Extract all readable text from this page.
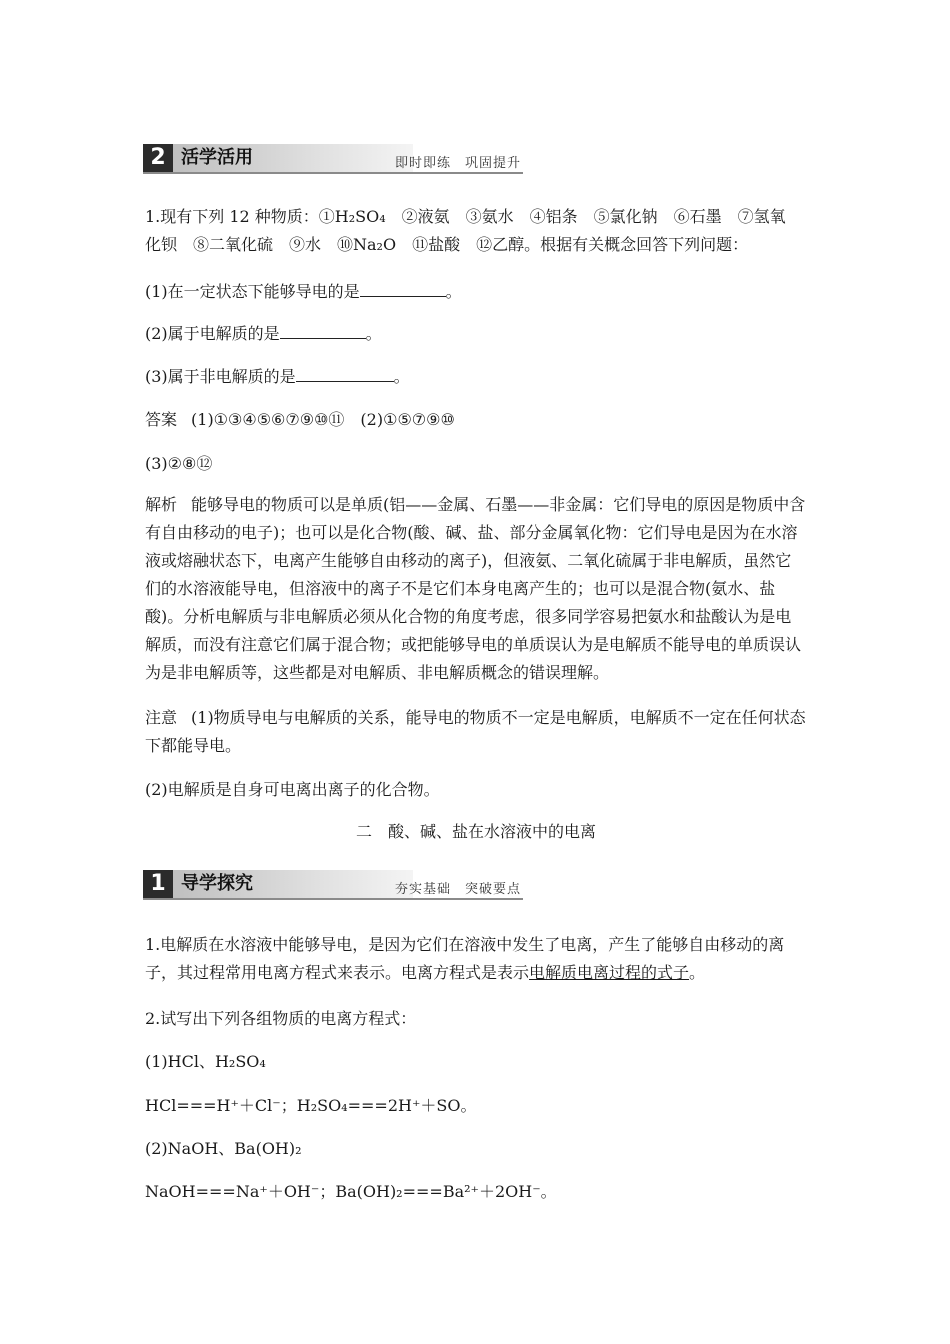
2 活学活用	即时即练　巩固提升

1.现有下列 12 种物质：①H₂SO₄　②液氨　③氨水　④铝条　⑤氯化钠　⑥石墨　⑦氢氧
化钡　⑧二氧化硫　⑨水　⑩Na₂O　⑪盐酸　⑫乙醇。根据有关概念回答下列问题：

(1)在一定状态下能够导电的是	。

(2)属于电解质的是	。

(3)属于非电解质的是	。

答案 (1)①③④⑤⑥⑦⑨⑩⑪　(2)①⑤⑦⑨⑩

(3)②⑧⑫

解析 能够导电的物质可以是单质(铝——金属、石墨——非金属：它们导电的原因是物质中含有自由移动的电子)；也可以是化合物(酸、碱、盐、部分金属氧化物：它们导电是因为在水溶液或熔融状态下，电离产生能够自由移动的离子)，但液氨、二氧化硫属于非电解质，虽然它们的水溶液能导电，但溶液中的离子不是它们本身电离产生的；也可以是混合物(氨水、盐酸)。分析电解质与非电解质必须从化合物的角度考虑，很多同学容易把氨水和盐酸认为是电解质，而没有注意它们属于混合物；或把能够导电的单质误认为是电解质不能导电的单质误认为是非电解质等，这些都是对电解质、非电解质概念的错误理解。

注意 (1)物质导电与电解质的关系，能导电的物质不一定是电解质，电解质不一定在任何状态下都能导电。

(2)电解质是自身可电离出离子的化合物。

二　酸、碱、盐在水溶液中的电离

1 导学探究	夯实基础　突破要点

1.电解质在水溶液中能够导电，是因为它们在溶液中发生了电离，产生了能够自由移动的离子，其过程常用电离方程式来表示。电离方程式是表示电解质电离过程的式子。

2.试写出下列各组物质的电离方程式：

(1)HCl、H₂SO₄

HCl===H⁺＋Cl⁻；H₂SO₄===2H⁺＋SO。

(2)NaOH、Ba(OH)₂

NaOH===Na⁺＋OH⁻；Ba(OH)₂===Ba²⁺＋2OH⁻。
